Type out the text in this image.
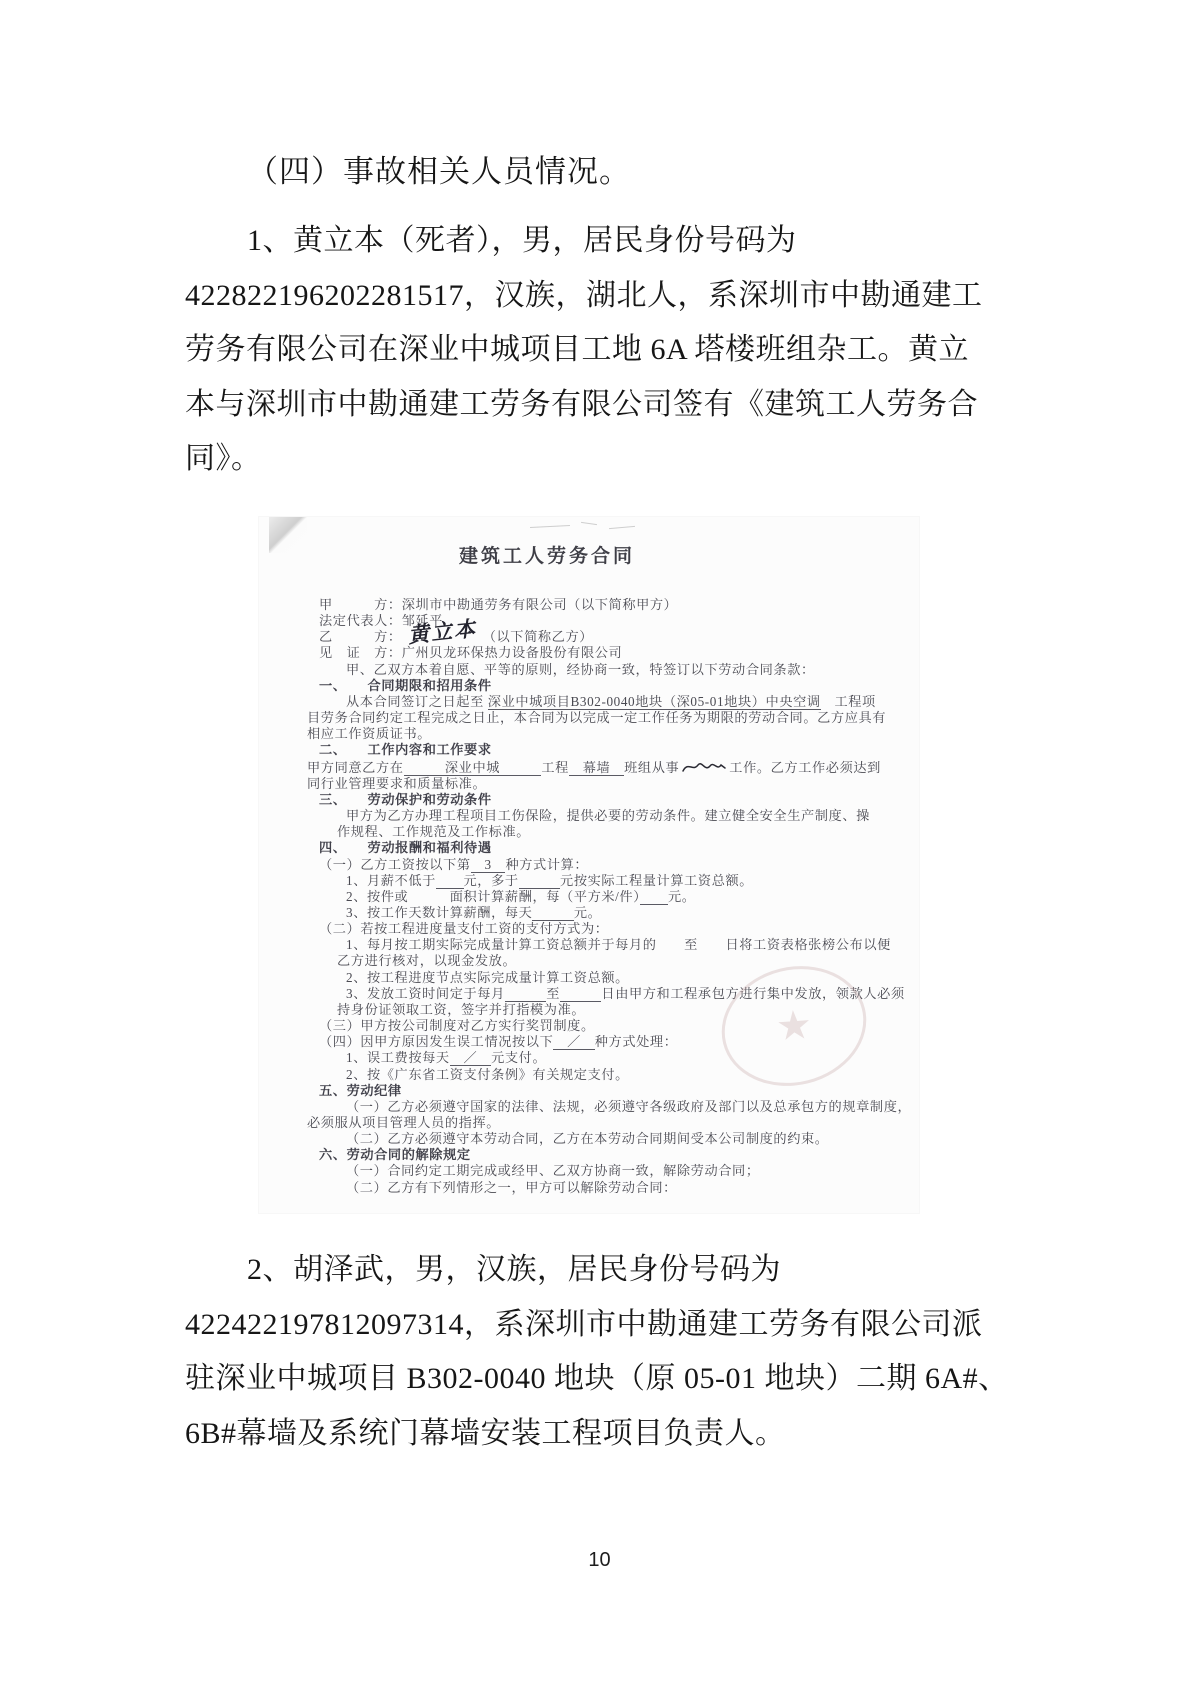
（四）事故相关人员情况。
1、黄立本（死者），男，居民身份号码为
422822196202281517，汉族，湖北人，系深圳市中勘通建工
劳务有限公司在深业中城项目工地 6A 塔楼班组杂工。黄立
本与深圳市中勘通建工劳务有限公司签有《建筑工人劳务合
同》。
建筑工人劳务合同
甲　　　方：深圳市中勘通劳务有限公司（以下简称甲方）
法定代表人：邹延平
乙　　　方： 黄立本 （以下简称乙方）
见　证　方：广州贝龙环保热力设备股份有限公司
甲、乙双方本着自愿、平等的原则，经协商一致，特签订以下劳动合同条款：
一、　　合同期限和招用条件
从本合同签订之日起至 深业中城项目B302-0040地块（深05-01地块）中央空调　工程项
目劳务合同约定工程完成之日止，本合同为以完成一定工作任务为期限的劳动合同。乙方应具有
相应工作资质证书。
二、　　工作内容和工作要求
甲方同意乙方在　　　深业中城　　　工程　幕墙　班组从事	工作。乙方工作必须达到
同行业管理要求和质量标准。
三、　　劳动保护和劳动条件
甲方为乙方办理工程项目工伤保险，提供必要的劳动条件。建立健全安全生产制度、操
作规程、工作规范及工作标准。
四、　　劳动报酬和福利待遇
（一）乙方工资按以下第　3　种方式计算：
1、月薪不低于　　 元，多于　　　	元按实际工程量计算工资总额。
2、按件或　　　	面积计算薪酬，每（平方米/件）　　 元。
3、按工作天数计算薪酬，每天　　　	元。
（二）若按工程进度量支付工资的支付方式为：
1、每月按工期实际完成量计算工资总额并于每月的　　至　　日将工资表格张榜公布以便
乙方进行核对，以现金发放。
2、按工程进度节点实际完成量计算工资总额。
3、发放工资时间定于每月　　　	至　　　	日由甲方和工程承包方进行集中发放，领款人必须
持身份证领取工资，签字并打指模为准。
（三）甲方按公司制度对乙方实行奖罚制度。
（四）因甲方原因发生误工情况按以下　／　种方式处理：
1、误工费按每天　／　元支付。
2、按《广东省工资支付条例》有关规定支付。
五、劳动纪律
（一）乙方必须遵守国家的法律、法规，必须遵守各级政府及部门以及总承包方的规章制度，
必须服从项目管理人员的指挥。
（二）乙方必须遵守本劳动合同，乙方在本劳动合同期间受本公司制度的约束。
六、劳动合同的解除规定
（一）合同约定工期完成或经甲、乙双方协商一致，解除劳动合同；
（二）乙方有下列情形之一，甲方可以解除劳动合同：
★
2、胡泽武，男，汉族，居民身份号码为
422422197812097314，系深圳市中勘通建工劳务有限公司派
驻深业中城项目 B302-0040 地块（原 05-01 地块）二期 6A#、
6B#幕墙及系统门幕墙安装工程项目负责人。
10
